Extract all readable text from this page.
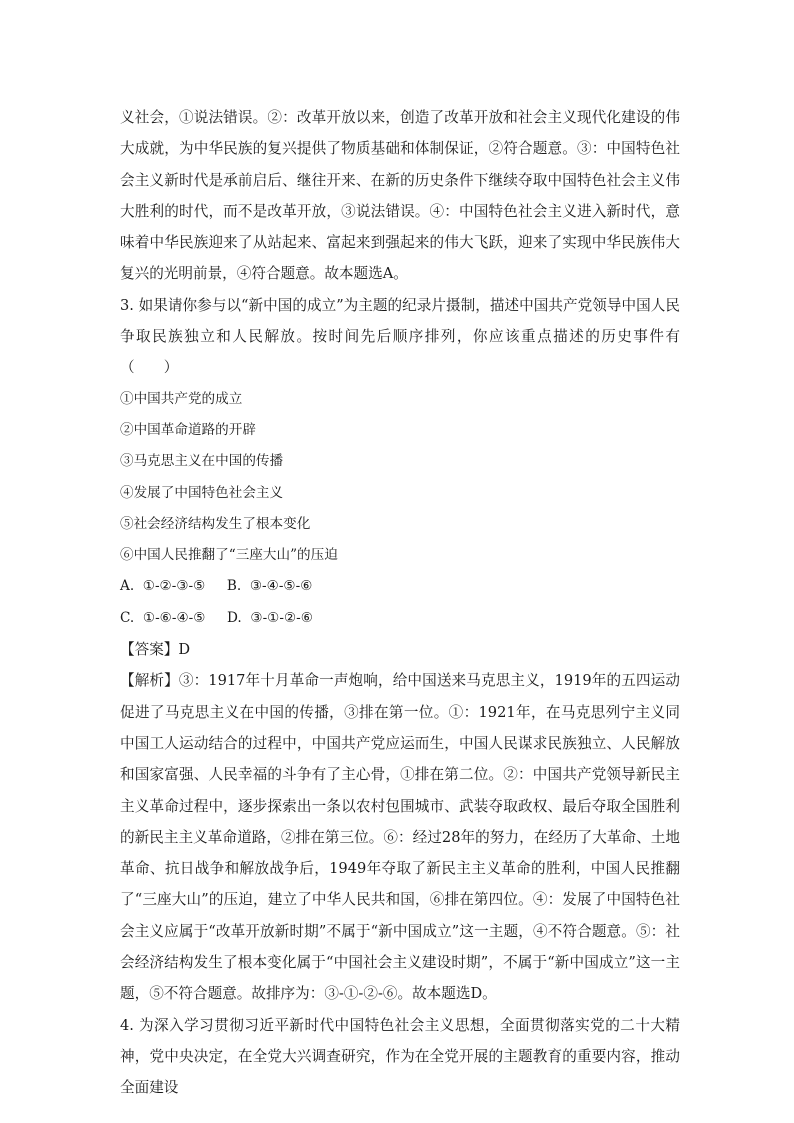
义社会，①说法错误。②：改革开放以来，创造了改革开放和社会主义现代化建设的伟大成就，为中华民族的复兴提供了物质基础和体制保证，②符合题意。③：中国特色社会主义新时代是承前启后、继往开来、在新的历史条件下继续夺取中国特色社会主义伟大胜利的时代，而不是改革开放，③说法错误。④：中国特色社会主义进入新时代，意味着中华民族迎来了从站起来、富起来到强起来的伟大飞跃，迎来了实现中华民族伟大复兴的光明前景，④符合题意。故本题选A。

3. 如果请你参与以“新中国的成立”为主题的纪录片摄制，描述中国共产党领导中国人民争取民族独立和人民解放。按时间先后顺序排列，你应该重点描述的历史事件有（　　）

①中国共产党的成立

②中国革命道路的开辟

③马克思主义在中国的传播

④发展了中国特色社会主义

⑤社会经济结构发生了根本变化

⑥中国人民推翻了“三座大山”的压迫

A.  ①-②-③-⑤     B.  ③-④-⑤-⑥

C.  ①-⑥-④-⑤     D.  ③-①-②-⑥

【答案】D

【解析】③：1917年十月革命一声炮响，给中国送来马克思主义，1919年的五四运动促进了马克思主义在中国的传播，③排在第一位。①：1921年，在马克思列宁主义同中国工人运动结合的过程中，中国共产党应运而生，中国人民谋求民族独立、人民解放和国家富强、人民幸福的斗争有了主心骨，①排在第二位。②：中国共产党领导新民主主义革命过程中，逐步探索出一条以农村包围城市、武装夺取政权、最后夺取全国胜利的新民主主义革命道路，②排在第三位。⑥：经过28年的努力，在经历了大革命、土地革命、抗日战争和解放战争后，1949年夺取了新民主主义革命的胜利，中国人民推翻了“三座大山”的压迫，建立了中华人民共和国，⑥排在第四位。④：发展了中国特色社会主义应属于“改革开放新时期”不属于“新中国成立”这一主题，④不符合题意。⑤：社会经济结构发生了根本变化属于“中国社会主义建设时期”，不属于“新中国成立”这一主题，⑤不符合题意。故排序为：③-①-②-⑥。故本题选D。

4. 为深入学习贯彻习近平新时代中国特色社会主义思想，全面贯彻落实党的二十大精神，党中央决定，在全党大兴调查研究，作为在全党开展的主题教育的重要内容，推动全面建设
